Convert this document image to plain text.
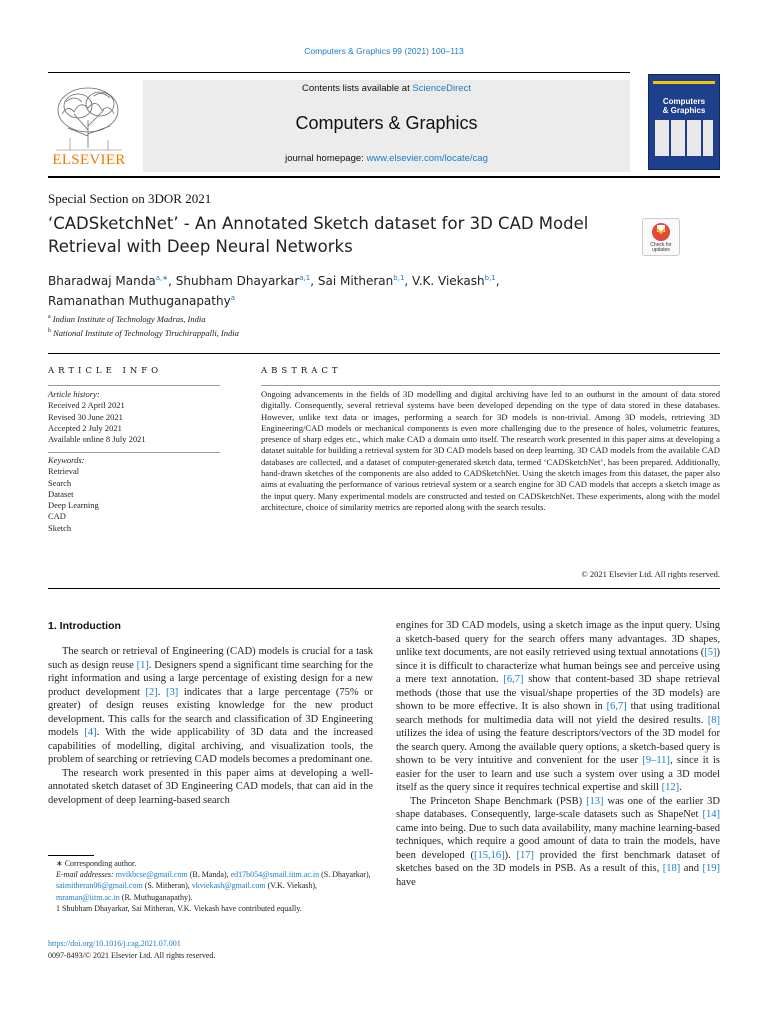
Computers & Graphics 99 (2021) 100–113
ELSEVIER
Contents lists available at ScienceDirect
Computers & Graphics
journal homepage: www.elsevier.com/locate/cag
Computers
& Graphics
Special Section on 3DOR 2021
‘CADSketchNet’ - An Annotated Sketch dataset for 3D CAD Model
Retrieval with Deep Neural Networks	Check for updates
Bharadwaj Manda$^{a,∗}$, Shubham Dhayarkar$^{a,1}$, Sai Mitheran$^{b,1}$, V.K. Viekash$^{b,1}$,
Ramanathan Muthuganapathy$^a$
$^a$ Indian Institute of Technology Madras, India
$^b$ National Institute of Technology Tiruchirappalli, India
ARTICLE INFO	ABSTRACT
Article history:
Received 2 April 2021
Revised 30 June 2021
Accepted 2 July 2021
Available online 8 July 2021
Keywords:
Retrieval
Search
Dataset
Deep Learning
CAD
Sketch
Ongoing advancements in the fields of 3D modelling and digital archiving have led to an outburst in the amount of data stored digitally. Consequently, several retrieval systems have been developed depending on the type of data stored in these databases. However, unlike text data or images, performing a search for 3D models is non-trivial. Among 3D models, retrieving 3D Engineering/CAD models or mechanical components is even more challenging due to the presence of holes, volumetric features, presence of sharp edges etc., which make CAD a domain unto itself. The research work presented in this paper aims at developing a dataset suitable for building a retrieval system for 3D CAD models based on deep learning. 3D CAD models from the available CAD databases are collected, and a dataset of computer-generated sketch data, termed ‘CADSketchNet’, has been prepared. Additionally, hand-drawn sketches of the components are also added to CADSketchNet. Using the sketch images from this dataset, the paper also aims at evaluating the performance of various retrieval system or a search engine for 3D CAD models that accepts a sketch image as the input query. Many experimental models are constructed and tested on CADSketchNet. These experiments, along with the model architecture, choice of similarity metrics are reported along with the search results.
© 2021 Elsevier Ltd. All rights reserved.
1. Introduction

The search or retrieval of Engineering (CAD) models is crucial for a task such as design reuse [1]. Designers spend a significant time searching for the right information and using a large percentage of existing design for a new product development [2]. [3] indicates that a large percentage (75% or greater) of design reuses existing knowledge for the new product development. This calls for the search and classification of 3D Engineering models [4]. With the wide applicability of 3D data and the increased capabilities of modelling, digital archiving, and visualization tools, the problem of searching or retrieving CAD models becomes a predominant one.

The research work presented in this paper aims at developing a well-annotated sketch dataset of 3D Engineering CAD models, that can aid in the development of deep learning-based search

engines for 3D CAD models, using a sketch image as the input query. Using a sketch-based query for the search offers many advantages. 3D shapes, unlike text documents, are not easily retrieved using textual annotations ([5]) since it is difficult to characterize what human beings see and perceive using a mere text annotation. [6,7] show that content-based 3D shape retrieval methods (those that use the visual/shape properties of the 3D models) are shown to be more effective. It is also shown in [6,7] that using traditional search methods for multimedia data will not yield the desired results. [8] utilizes the idea of using the feature descriptors/vectors of the 3D model for the search query. Among the available query options, a sketch-based query is shown to be very intuitive and convenient for the user [9–11], since it is easier for the user to learn and use such a system over using a 3D model itself as the query since it requires technical expertise and skill [12].

The Princeton Shape Benchmark (PSB) [13] was one of the earlier 3D shape databases. Consequently, large-scale datasets such as ShapeNet [14] came into being. Due to such data availability, many machine learning-based techniques, which require a good amount of data to train the models, have been developed ([15,16]). [17] provided the first benchmark dataset of sketches based on the 3D models in PSB. As a result of this, [18] and [19] have

∗ Corresponding author.
E-mail addresses: mvikbcse@gmail.com (B. Manda), ed17b054@smail.iitm.ac.in (S. Dhayarkar), saimitheran06@gmail.com (S. Mitheran), vkviekash@gmail.com (V.K. Viekash), mraman@iitm.ac.in (R. Muthuganapathy).
1 Shubham Dhayarkar, Sai Mitheran, V.K. Viekash have contributed equally.
https://doi.org/10.1016/j.cag.2021.07.001
0097-8493/© 2021 Elsevier Ltd. All rights reserved.
